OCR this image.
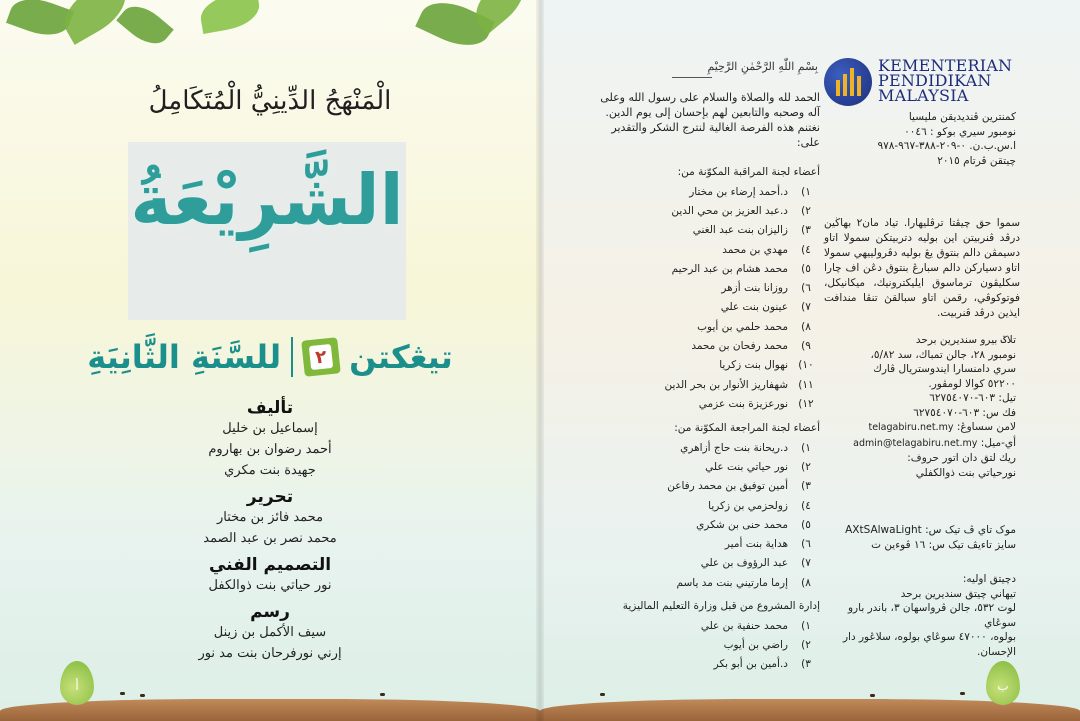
الْمَنْهَجُ الدِّينِيُّ الْمُتَكَامِلُ
الشَّرِيْعَةُ
تيڠكتن
٢
للسَّنَةِ الثَّانِيَةِ
تأليف
إسماعيل بن خليل
أحمد رضوان بن بهاروم
جهيدة بنت مكري
تحرير
محمد فائز بن مختار
محمد نصر بن عبد الصمد
التصميم الفني
نور حياتي بنت ذوالكفل
رسم
سيف الأكمل بن زينل
إرني نورفرحان بنت مد نور
أ	ب
بِسْمِ اللّٰهِ الرَّحْمٰنِ الرَّحِيْمِ
الحمد لله والصلاة والسلام على رسول الله وعلى آله وصحبه والتابعين لهم بإحسان إلى يوم الدين. نغتنم هذه الفرصة الغالية لنترج الشكر والتقدير على:
أعضاء لجنة المراقبة المكوّنة من:
١)
د.أحمد إرضاء بن مختار
٢)
د.عبد العزيز بن محي الدين
٣)
زاليزان بنت عبد الغني
٤)
مهدي بن محمد
٥)
محمد هشام بن عبد الرحيم
٦)
روزانا بنت أزهر
٧)
عينون بنت علي
٨)
محمد حلمي بن أيوب
٩)
محمد رفحان بن محمد
١٠)
نهوال بنت زكريا
١١)
شهفاريز الأنوار بن بحر الدين
١٢)
نورعزيزة بنت عزمي
أعضاء لجنة المراجعة المكوّنة من:
١)
د.ريحانة بنت حاج أزاهري
٢)
نور حياتي بنت علي
٣)
أمين توفيق بن محمد رفاعن
٤)
زولحزمي بن زكريا
٥)
محمد حنى بن شكري
٦)
هداية بنت أمير
٧)
عبد الرؤوف بن علي
٨)
إرما مارتيني بنت مد ياسم
إدارة المشروع من قبل وزارة التعليم الماليزية
١)
محمد حنفية بن علي
٢)
راضي بن أيوب
٣)
د.أمين بن أبو بكر
KEMENTERIAN
PENDIDIKAN
MALAYSIA
كمنترين ڤنديديقن مليسيا
نومبور سيري بوكو : ٠٠٤٦
ا.س.ب.ن. ٠-٢٠٩-٣٨٨-٩٦٧-٩٧٨
چيتقن ڤرتام ٢٠١٥
سموا حق چيڤتا ترڤليهارا. تياد مان٢ بهاڬين درڤد ڤنربيتن اين بوليه دتربيتكن سمولا اتاو دسيمڤن دالم بنتوق يڠ بوليه دڤرولييهي سمولا اتاو دسياركن دالم سبارڠ بنتوق دڠن اف چارا سكليڤون ترماسوق ايليكترونيك، ميكانيكل، فوتوكوڤي، رقمن اتاو سبالقڽ تنڤا مندافت ايذين درڤد ڤنربيت.
تلاݢ بيرو سنديرين برحد
نومبور ٢٨، جالن تمباك، سد ٥/٨٢،
سري دامنسارا ايندوستريال ڤارك
٥٢٢٠٠ كوالا لومڤور.
تيل: ٦٠٣-٦٢٧٥٤٠٧٠
فك س: ٦٠٣-٦٢٧٥٤٠٧٠
لامن سساوڠ: telagabiru.net.my
أي-ميل: admin@telagabiru.net.my
ريك لتق دان اتور حروف:
نورحياتي بنت ذوالكفلي
موک تاي ڤ تيک س: AXtSAlwaLight
سايز تاءيڤ تيک س: ١٦ ڤوءين ت
دچيتق اوليه:
تيهاني چيتق سنديرين برحد
لوت ٥٣٢، جالن ڤرواسهان ٣، باندر بارو سوڠاي
بولوه، ٤٧٠٠٠ سوڠاي بولوه، سلاڠور دار الإحسان.
